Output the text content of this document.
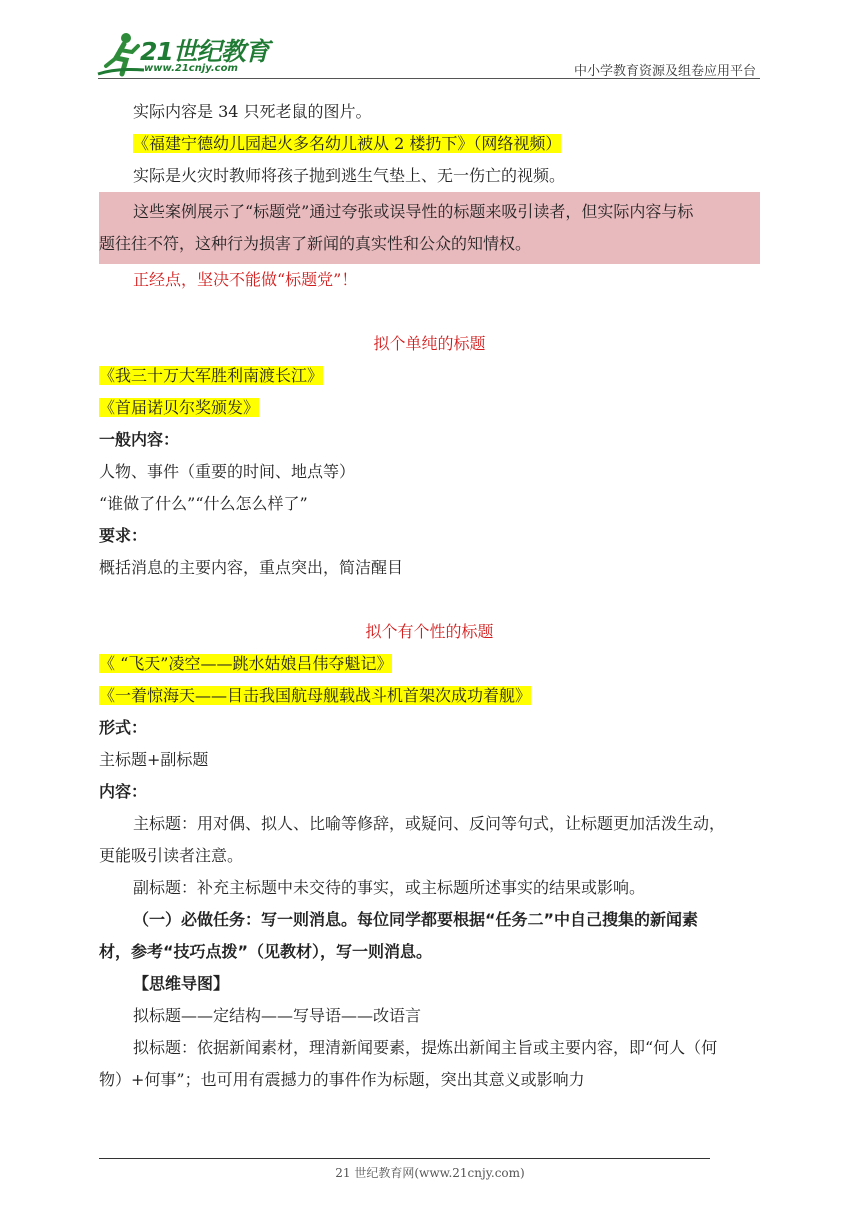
21世纪教育
www.21cnjy.com	中小学教育资源及组卷应用平台

实际内容是 34 只死老鼠的图片。

《福建宁德幼儿园起火多名幼儿被从 2 楼扔下》（网络视频）

实际是火灾时教师将孩子抛到逃生气垫上、无一伤亡的视频。

这些案例展示了“标题党”通过夸张或误导性的标题来吸引读者，但实际内容与标

题往往不符，这种行为损害了新闻的真实性和公众的知情权。

正经点，坚决不能做“标题党”！

拟个单纯的标题

《我三十万大军胜利南渡长江》

《首届诺贝尔奖颁发》

一般内容：

人物、事件（重要的时间、地点等）

“谁做了什么”“什么怎么样了”

要求：

概括消息的主要内容，重点突出，简洁醒目

拟个有个性的标题

《 “飞天”凌空——跳水姑娘吕伟夺魁记》

《一着惊海天——目击我国航母舰载战斗机首架次成功着舰》

形式：

主标题+副标题

内容：

主标题：用对偶、拟人、比喻等修辞，或疑问、反问等句式，让标题更加活泼生动，

更能吸引读者注意。

副标题：补充主标题中未交待的事实，或主标题所述事实的结果或影响。

（一）必做任务：写一则消息。每位同学都要根据“任务二”中自己搜集的新闻素

材，参考“技巧点拨”（见教材），写一则消息。

【思维导图】

拟标题——定结构——写导语——改语言

拟标题：依据新闻素材，理清新闻要素，提炼出新闻主旨或主要内容，即“何人（何

物）+何事”；也可用有震撼力的事件作为标题，突出其意义或影响力

21 世纪教育网(www.21cnjy.com)
